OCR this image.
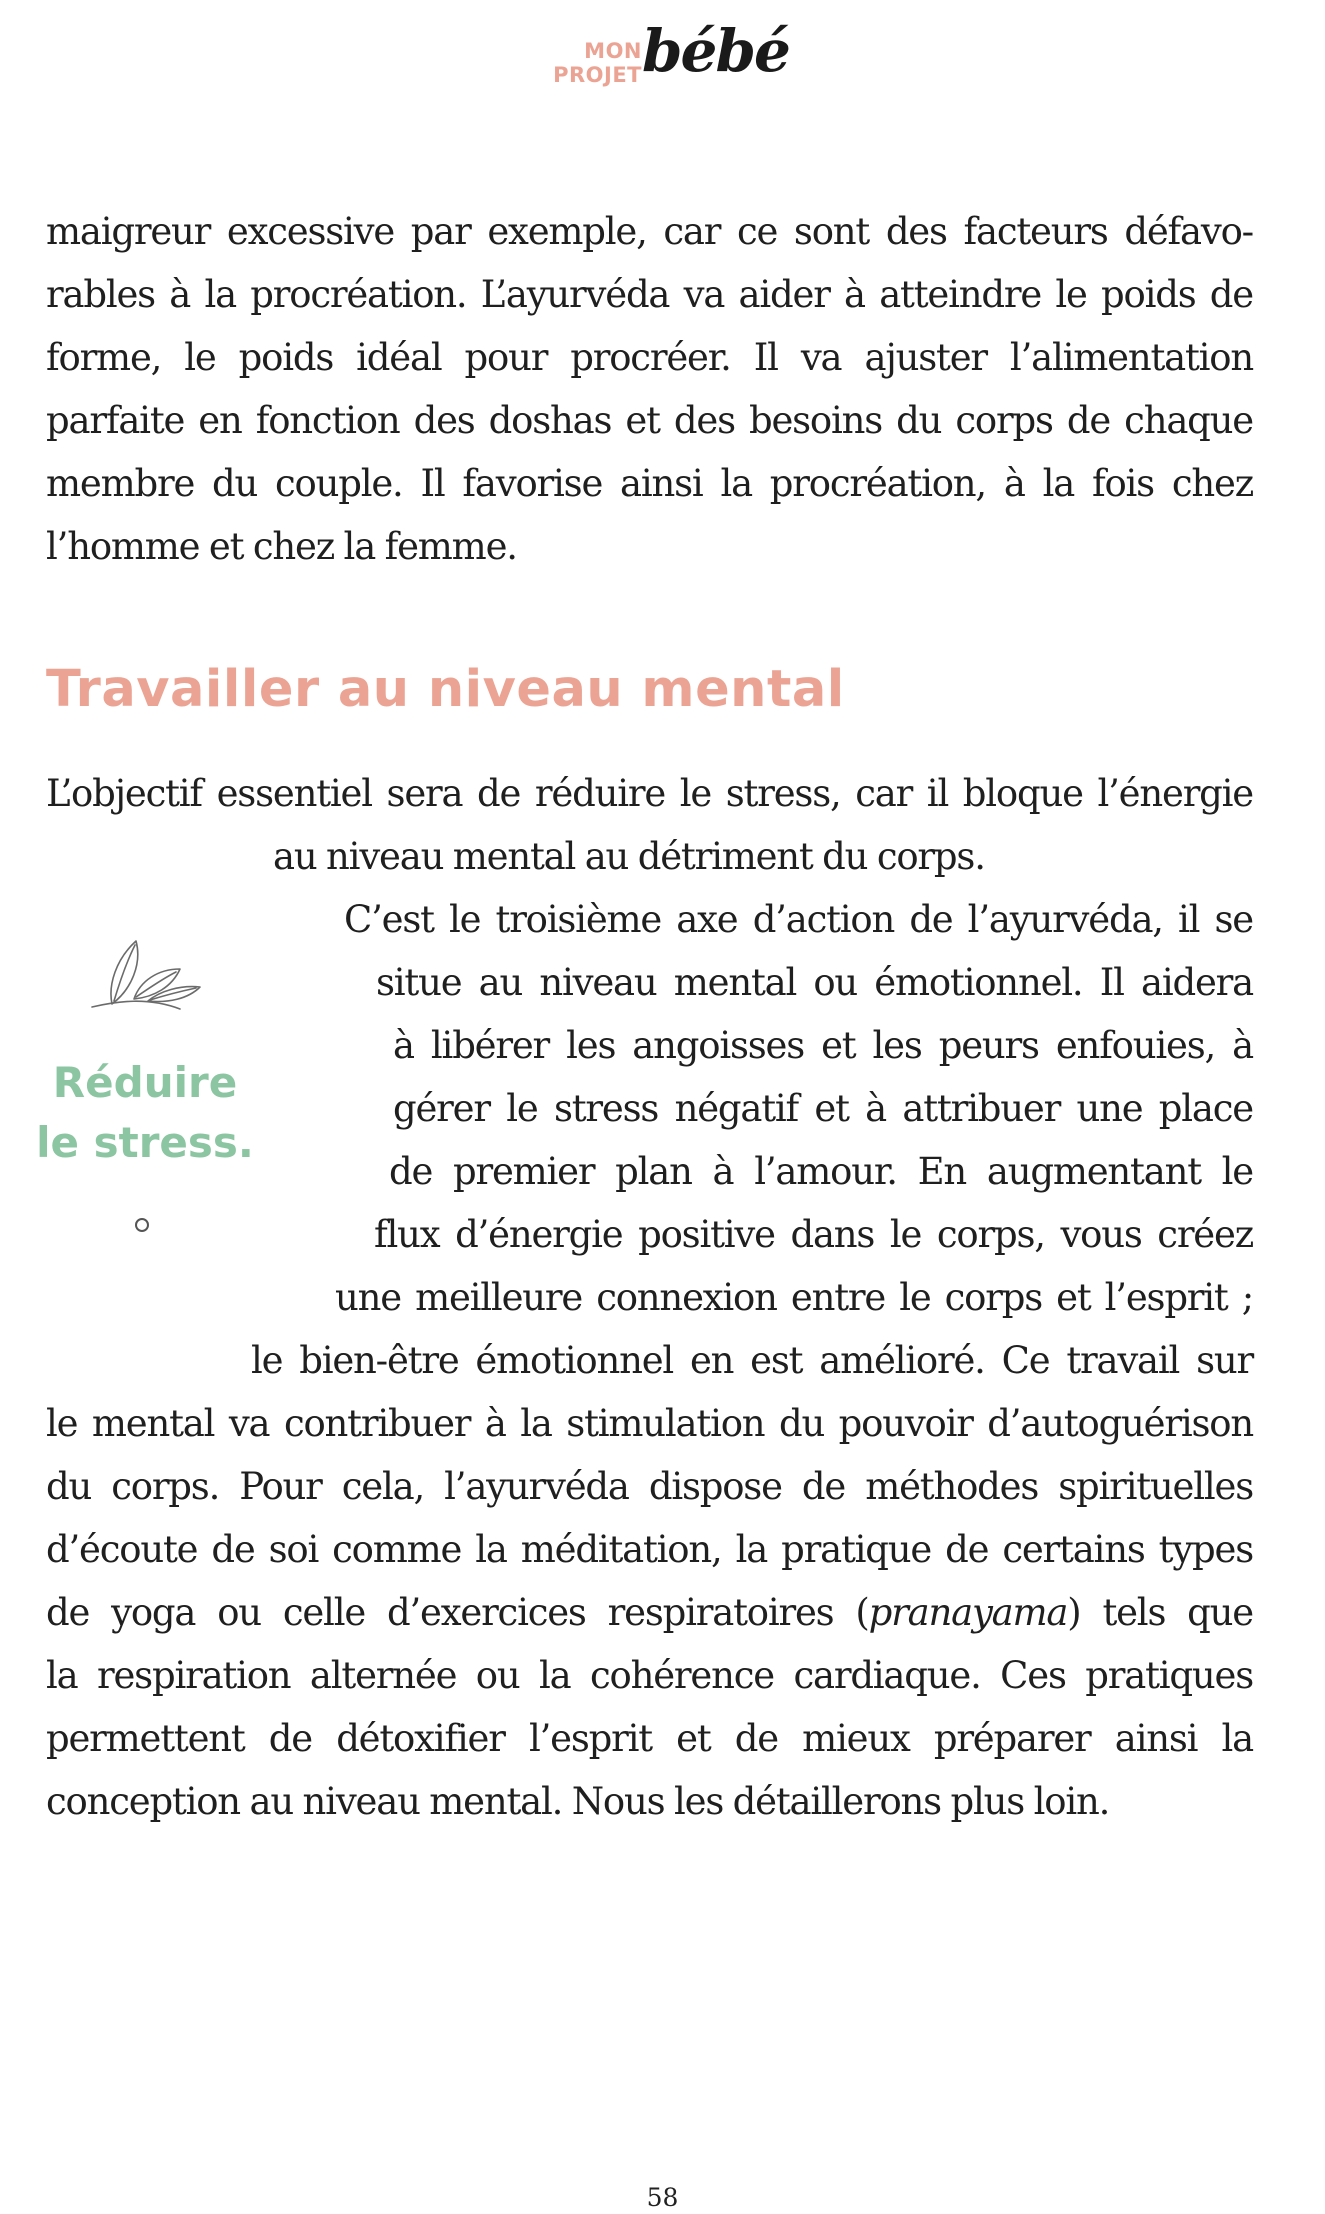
MON
PROJET bébé

maigreur excessive par exemple, car ce sont des facteurs défavo-rables à la procréation. L’ayurvéda va aider à atteindre le poids de forme, le poids idéal pour procréer. Il va ajuster l’alimentation parfaite en fonction des doshas et des besoins du corps de chaque membre du couple. Il favorise ainsi la procréation, à la fois chez l’homme et chez la femme.

Travailler au niveau mental

L’objectif essentiel sera de réduire le stress, car il bloque l’énergie

au niveau mental au détriment du corps.

C’est le troisième axe d’action de l’ayurvéda, il se

situe au niveau mental ou émotionnel. Il aidera

à libérer les angoisses et les peurs enfouies, à

gérer le stress négatif et à attribuer une place

de premier plan à l’amour. En augmentant le

flux d’énergie positive dans le corps, vous créez

une meilleure connexion entre le corps et l’esprit ;

le bien-être émotionnel en est amélioré. Ce travail sur

le mental va contribuer à la stimulation du pouvoir d’autoguérison

du corps. Pour cela, l’ayurvéda dispose de méthodes spirituelles

d’écoute de soi comme la méditation, la pratique de certains types

de yoga ou celle d’exercices respiratoires (pranayama) tels que

la respiration alternée ou la cohérence cardiaque. Ces pratiques

permettent de détoxifier l’esprit et de mieux préparer ainsi la

conception au niveau mental. Nous les détaillerons plus loin.

Réduire
le stress.
58
